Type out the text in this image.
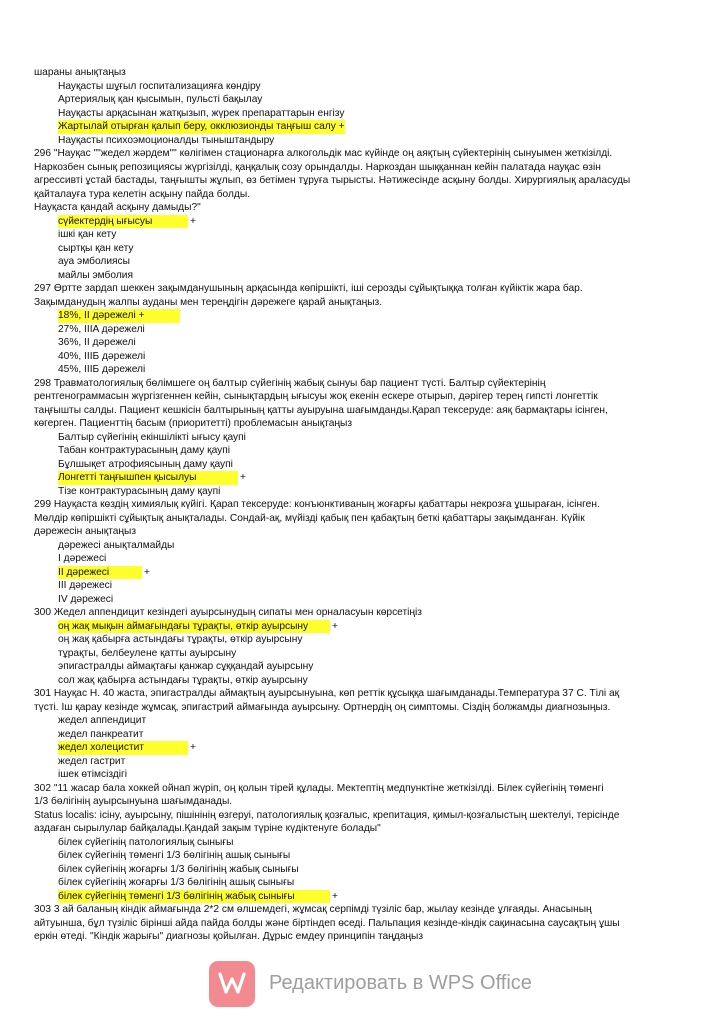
шараны анықтаңыз
Науқасты шұғыл госпитализацияға көндіру
Артериялық қан қысымын, пульсті бақылау
Науқасты арқасынан жатқызып, жүрек препараттарын енгізу
Жартылай отырған қалып беру, окклюзионды таңғыш салу +
Науқасты психоэмоционалды тыныштандыру
296 "Науқас ""жедел жәрдем"" көлігімен стационарға алкогольдік мас күйінде оң аяқтың сүйектерінің сынуымен жеткізілді.
Наркозбен сынық репозициясы жүргізілді, қаңқалық созу орындалды. Наркоздан шыққаннан кейін палатада науқас өзін
агрессивті ұстай бастады, таңғышты жұлып, өз бетімен тұруға тырысты. Нәтижесінде асқыну болды. Хирургиялық араласуды
қайталауға тура келетін асқыну пайда болды.
Науқаста қандай асқыну дамыды?"
сүйектердің ығысуы	+
ішкі қан кету
сыртқы қан кету
ауа эмболиясы
майлы эмболия
297 Өртте зардап шеккен зақымданушының арқасында көпіршікті, іші серозды сұйықтыққа толған күйіктік жара бар.
Зақымданудың жалпы ауданы мен тереңдігін дәрежеге қарай анықтаңыз.
18%, II дәрежелі +
27%, IIIA дәрежелі
36%, II дәрежелі
40%, IIIБ дәрежелі
45%, IIIБ дәрежелі
298 Травматологиялық бөлімшеге оң балтыр сүйегінің жабық сынуы бар пациент түсті. Балтыр сүйектерінің
рентгенограммасын жүргізгеннен кейін, сынықтардың ығысуы жоқ екенін ескере отырып, дәрігер терең гипсті лонгеттік
таңғышты салды. Пациент кешкісін балтырының қатты ауыруына шағымданды.Қарап тексеруде: аяқ бармақтары ісінген,
көгерген. Пациенттің басым (приоритетті) проблемасын анықтаңыз
Балтыр сүйегінің екіншілікті ығысу қаупі
Табан контрактурасының даму қаупі
Бұлшықет атрофиясының даму қаупі
Лонгетті таңғышпен қысылуы	+
Тізе контрактурасының даму қаупі
299 Науқаста көздің химиялық күйігі. Қарап тексеруде: конъюнктиваның жоғарғы қабаттары некрозға ұшыраған, ісінген.
Мөлдір көпіршікті сұйықтық анықталады. Сондай-ақ, мүйізді қабық пен қабақтың беткі қабаттары зақымданған. Күйік
дәрежесін анықтаңыз
дәрежесі анықталмайды
I дәрежесі
II дәрежесі	+
III дәрежесі
IV дәрежесі
300 Жедел аппендицит кезіндегі ауырсынудың сипаты мен орналасуын көрсетіңіз
оң жақ мықын аймағындағы тұрақты, өткір ауырсыну +
оң жақ қабырға астындағы тұрақты, өткір ауырсыну
тұрақты, белбеулене қатты ауырсыну
эпигастралды аймақтағы қанжар сұққандай ауырсыну
сол жақ қабырға астындағы тұрақты, өткір ауырсыну
301 Науқас Н. 40 жаста, эпигастралды аймақтың ауырсынуына, көп реттік құсыққа шағымданады.Температура 37 С. Тілі ақ
түсті. Іш қарау кезінде жұмсақ, эпигастрий аймағында ауырсыну. Ортнердің оң симптомы. Сіздің болжамды диагнозыңыз.
жедел аппендицит
жедел панкреатит
жедел холецистит	+
жедел гастрит
ішек өтімсіздігі
302 "11 жасар бала хоккей ойнап жүріп, оң қолын тірей құлады. Мектептің медпунктіне жеткізілді. Білек сүйегінің төменгі
1/3 бөлігінің ауырсынуына шағымданады.
Status localis: ісіну, ауырсыну, пішінінің өзгеруі, патологиялық қозғалыс, крепитация, қимыл-қозғалыстың шектелуі, терісінде
аздаған сырылулар байқалады.Қандай зақым түріне күдіктенуге болады"
білек сүйегінің патологиялық сынығы
білек сүйегінің төменгі 1/3 бөлігінің ашық сынығы
білек сүйегінің жоғарғы 1/3 бөлігінің жабық сынығы
білек сүйегінің жоғарғы 1/3 бөлігінің ашық сынығы
білек сүйегінің төменгі 1/3 бөлігінің жабық сынығы	+
303 3 ай баланың кіндік аймағында 2*2 см өлшемдегі, жұмсақ серпімді түзіліс бар, жылау кезінде ұлғаяды. Анасының
айтуынша, бұл түзіліс бірінші айда пайда болды және біртіндеп өседі. Пальпация кезінде-кіндік сақинасына саусақтың ұшы
еркін өтеді. "Кіндік жарығы" диагнозы қойылған. Дұрыс емдеу принципін таңдаңыз
Редактировать в WPS Office
